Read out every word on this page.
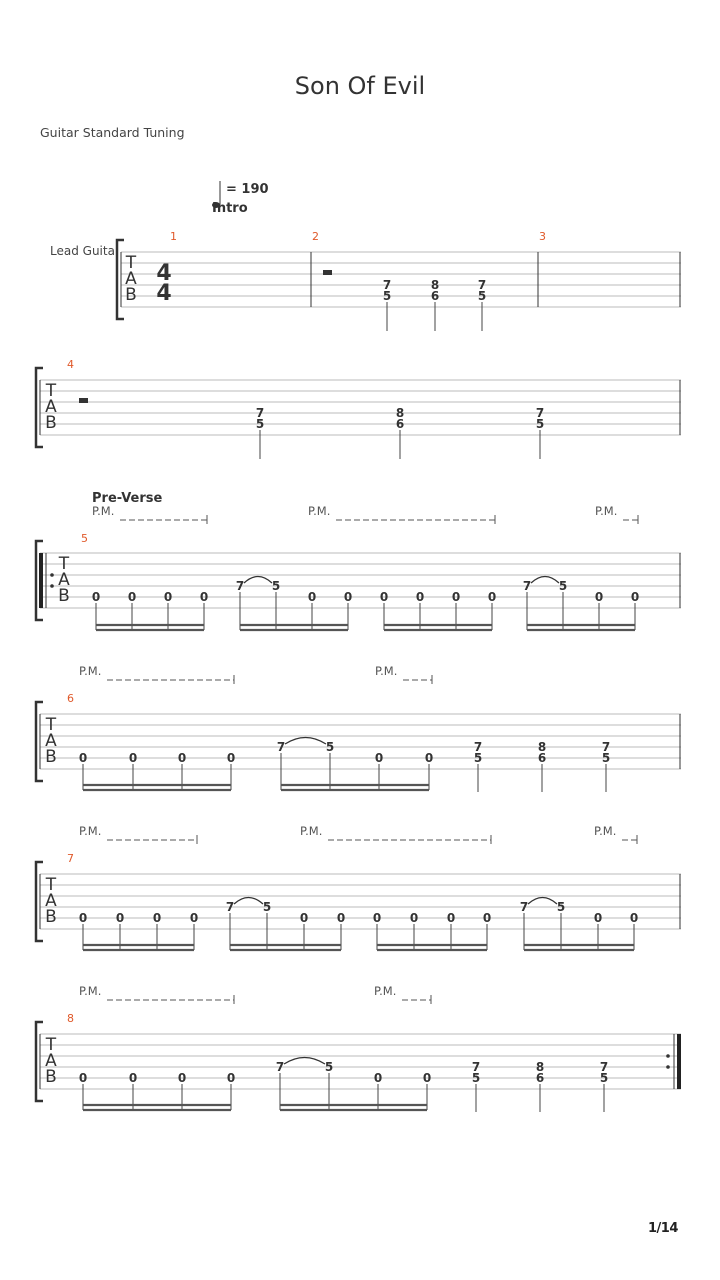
Son Of Evil
Guitar Standard Tuning
1/14
= 190
Intro
Lead Guita
T
A
B
4
4
1	2	3
7
5
8
6
7
5
T
A
B
4
7
5
8
6
7
5
Pre-Verse
P.M.	P.M.	P.M.
T
A
B
5
0 0 0 0
7 5
0 0 0 0 0 0
7 5
0 0
P.M.	P.M.
T
A
B
6
0	0	0	0
7	5
0	0
7
5
8
6
7
5
P.M.	P.M.	P.M.
T
A
B
7
0 0 0 0
7 5
0 0 0 0 0 0
7 5
0 0
P.M.	P.M.
T
A
B
8
0	0	0	0
7	5
0	0
7
5
8
6
7
5
